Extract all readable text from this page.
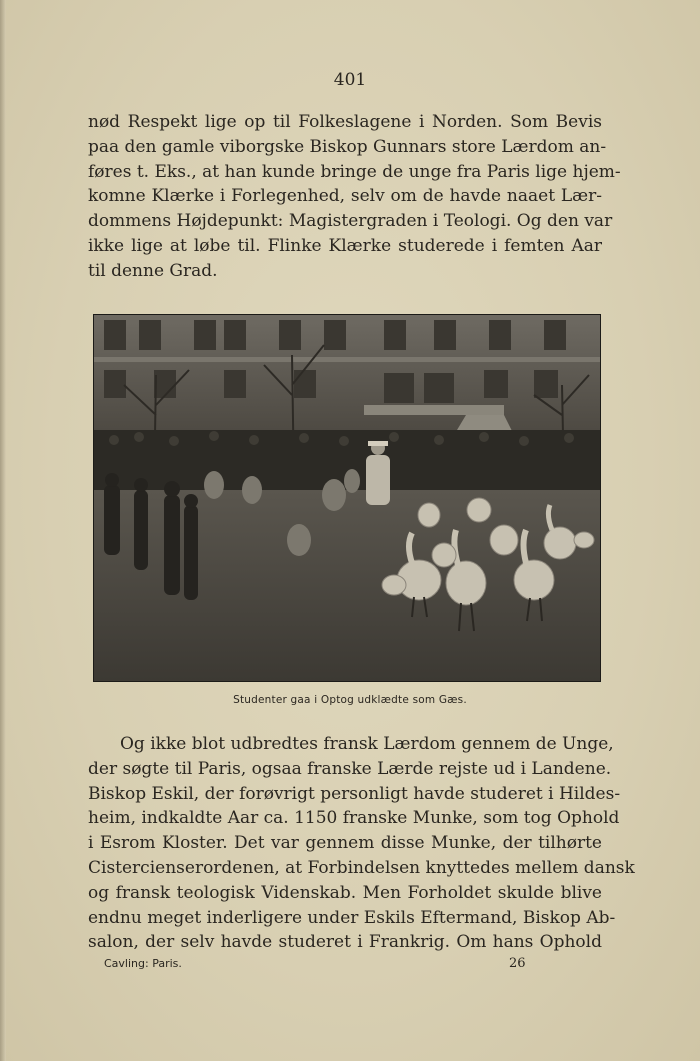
401
nød Respekt lige op til Folkeslagene i Norden. Som Bevis
paa den gamle viborgske Biskop Gunnars store Lærdom an-
føres t. Eks., at han kunde bringe de unge fra Paris lige hjem-
komne Klærke i Forlegenhed, selv om de havde naaet Lær-
dommens Højdepunkt: Magistergraden i Teologi. Og den var
ikke lige at løbe til. Flinke Klærke studerede i femten Aar
til denne Grad.
Studenter gaa i Optog udklædte som Gæs.
Og ikke blot udbredtes fransk Lærdom gennem de Unge,
der søgte til Paris, ogsaa franske Lærde rejste ud i Landene.
Biskop Eskil, der forøvrigt personligt havde studeret i Hildes-
heim, indkaldte Aar ca. 1150 franske Munke, som tog Ophold
i Esrom Kloster. Det var gennem disse Munke, der tilhørte
Cistercienserordenen, at Forbindelsen knyttedes mellem dansk
og fransk teologisk Videnskab. Men Forholdet skulde blive
endnu meget inderligere under Eskils Eftermand, Biskop Ab-
salon, der selv havde studeret i Frankrig. Om hans Ophold
Cavling: Paris.	26
